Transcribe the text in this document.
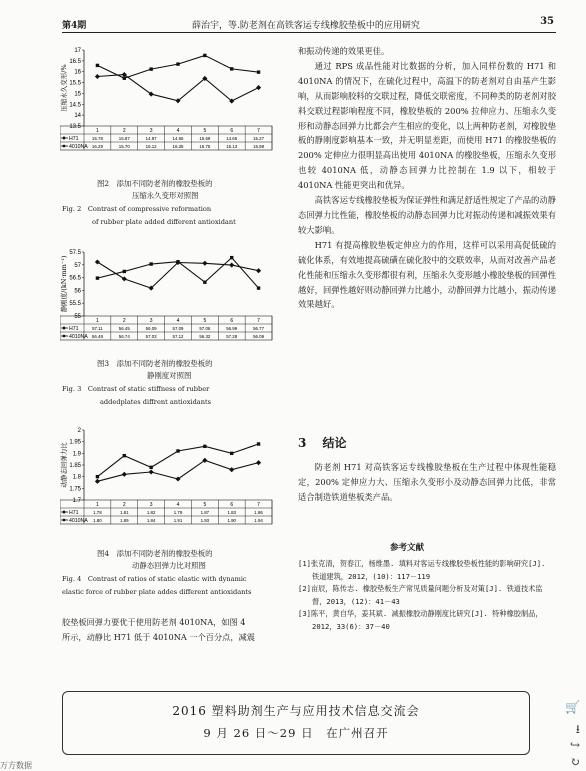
第4期	薛治宇，等.防老剂在高铁客运专线橡胶垫板中的应用研究	35
压缩永久变形/%
17
16.5
16
15.5
15
14.5
14
13.5
1	2	3	4	5	6	7
H71	15.78	15.87	14.97	14.66	15.69	14.65	15.27
4010NA 16.29	15.70	16.12	16.35	16.75	16.13	15.98
图2　添加不同防老剂的橡胶垫板的
压缩永久变形对照图
Fig. 2　Contrast of compressive reformation
of rubber plate added different antioxidant
静刚度/(kN·mm⁻¹)
57.5
57
56.5
56
55.5
55
1	2	3	4	5	6	7
H71	57.11	56.45	56.09	57.09	57.06	56.99	56.77
4010NA 56.48	56.74	57.03	57.12	56.32	57.28	56.09
图3　添加不同防老剂的橡胶垫板的
静刚度对照图
Fig. 3　Contrast of static stiffness of rubber
addedplates diffrent antioxidants
动静态回弹力比
2
1.95
1.9
1.85
1.8
1.75
1.7
1	2	3	4	5	6	7
H71	1.78	1.81	1.82	1.79	1.87	1.83	1.86
4010NA 1.80	1.89	1.84	1.91	1.93	1.90	1.94
图4　添加不同防老剂的橡胶垫板的
动静态回弹力比对照图
Fig. 4　Contrast of ratios of static elastic with dynamic
elastic force of rubber plate addes different antioxidants
胶垫板回弹力要优于使用防老剂 4010NA，如图 4
所示，动静比 H71 低于 4010NA 一个百分点，减震

和振动传递的效果更佳。

通过 RPS 成品性能对比数据的分析，加入同样份数的 H71 和 4010NA 的情况下，在硫化过程中，高温下的防老剂对自由基产生影响，从而影响胶料的交联过程，降低交联密度，不同种类的防老剂对胶料交联过程影响程度不同，橡胶垫板的 200% 拉伸应力、压缩永久变形和动静态回弹力比都会产生相应的变化，以上两种防老剂，对橡胶垫板的静刚度影响基本一致，并无明显差距，而使用 H71 的橡胶垫板的 200% 定伸应力很明显高出使用 4010NA 的橡胶垫板，压缩永久变形也较 4010NA 低，动静态回弹力比控制在 1.9 以下，相较于 4010NA 性能更突出和优异。

高铁客运专线橡胶垫板为保证弹性和满足舒适性规定了产品的动静态回弹力比性能，橡胶垫板的动静态回弹力比对振动传递和减振效果有较大影响。

H71 有提高橡胶垫板定伸应力的作用，这样可以采用高促低硫的硫化体系，有效地提高硫磺在硫化胶中的交联效率，从而对改善产品老化性能和压缩永久变形都很有利，压缩永久变形越小橡胶垫板的回弹性越好，回弹性越好则动静回弹力比越小，动静回弹力比越小，振动传递效果越好。

3 结论

防老剂 H71 对高铁客运专线橡胶垫板在生产过程中体现性能稳定，200% 定伸应力大、压缩永久变形小及动静态回弹力比低，非常适合制造铁道垫板类产品。

参考文献
[1]张克清，贺春江，杨维墨. 填料对客运专线橡胶垫板性能的影响研究[J]. 铁道建筑，2012，(10)：117－119
[2]亩辰，陈传志. 橡胶垫板生产常见质量问题分析及对策[J]. 铁道技术监督，2013，(12)：41－43
[3]陈平，黄自华，姜其斌. 减振橡胶动静刚度比研究[J]. 特种橡胶制品，2012，33(6)：37－40
2016 塑料助剂生产与应用技术信息交流会
9 月 26 日～29 日　在广州召开
🛒
⭳
↪
↻
万方数据
